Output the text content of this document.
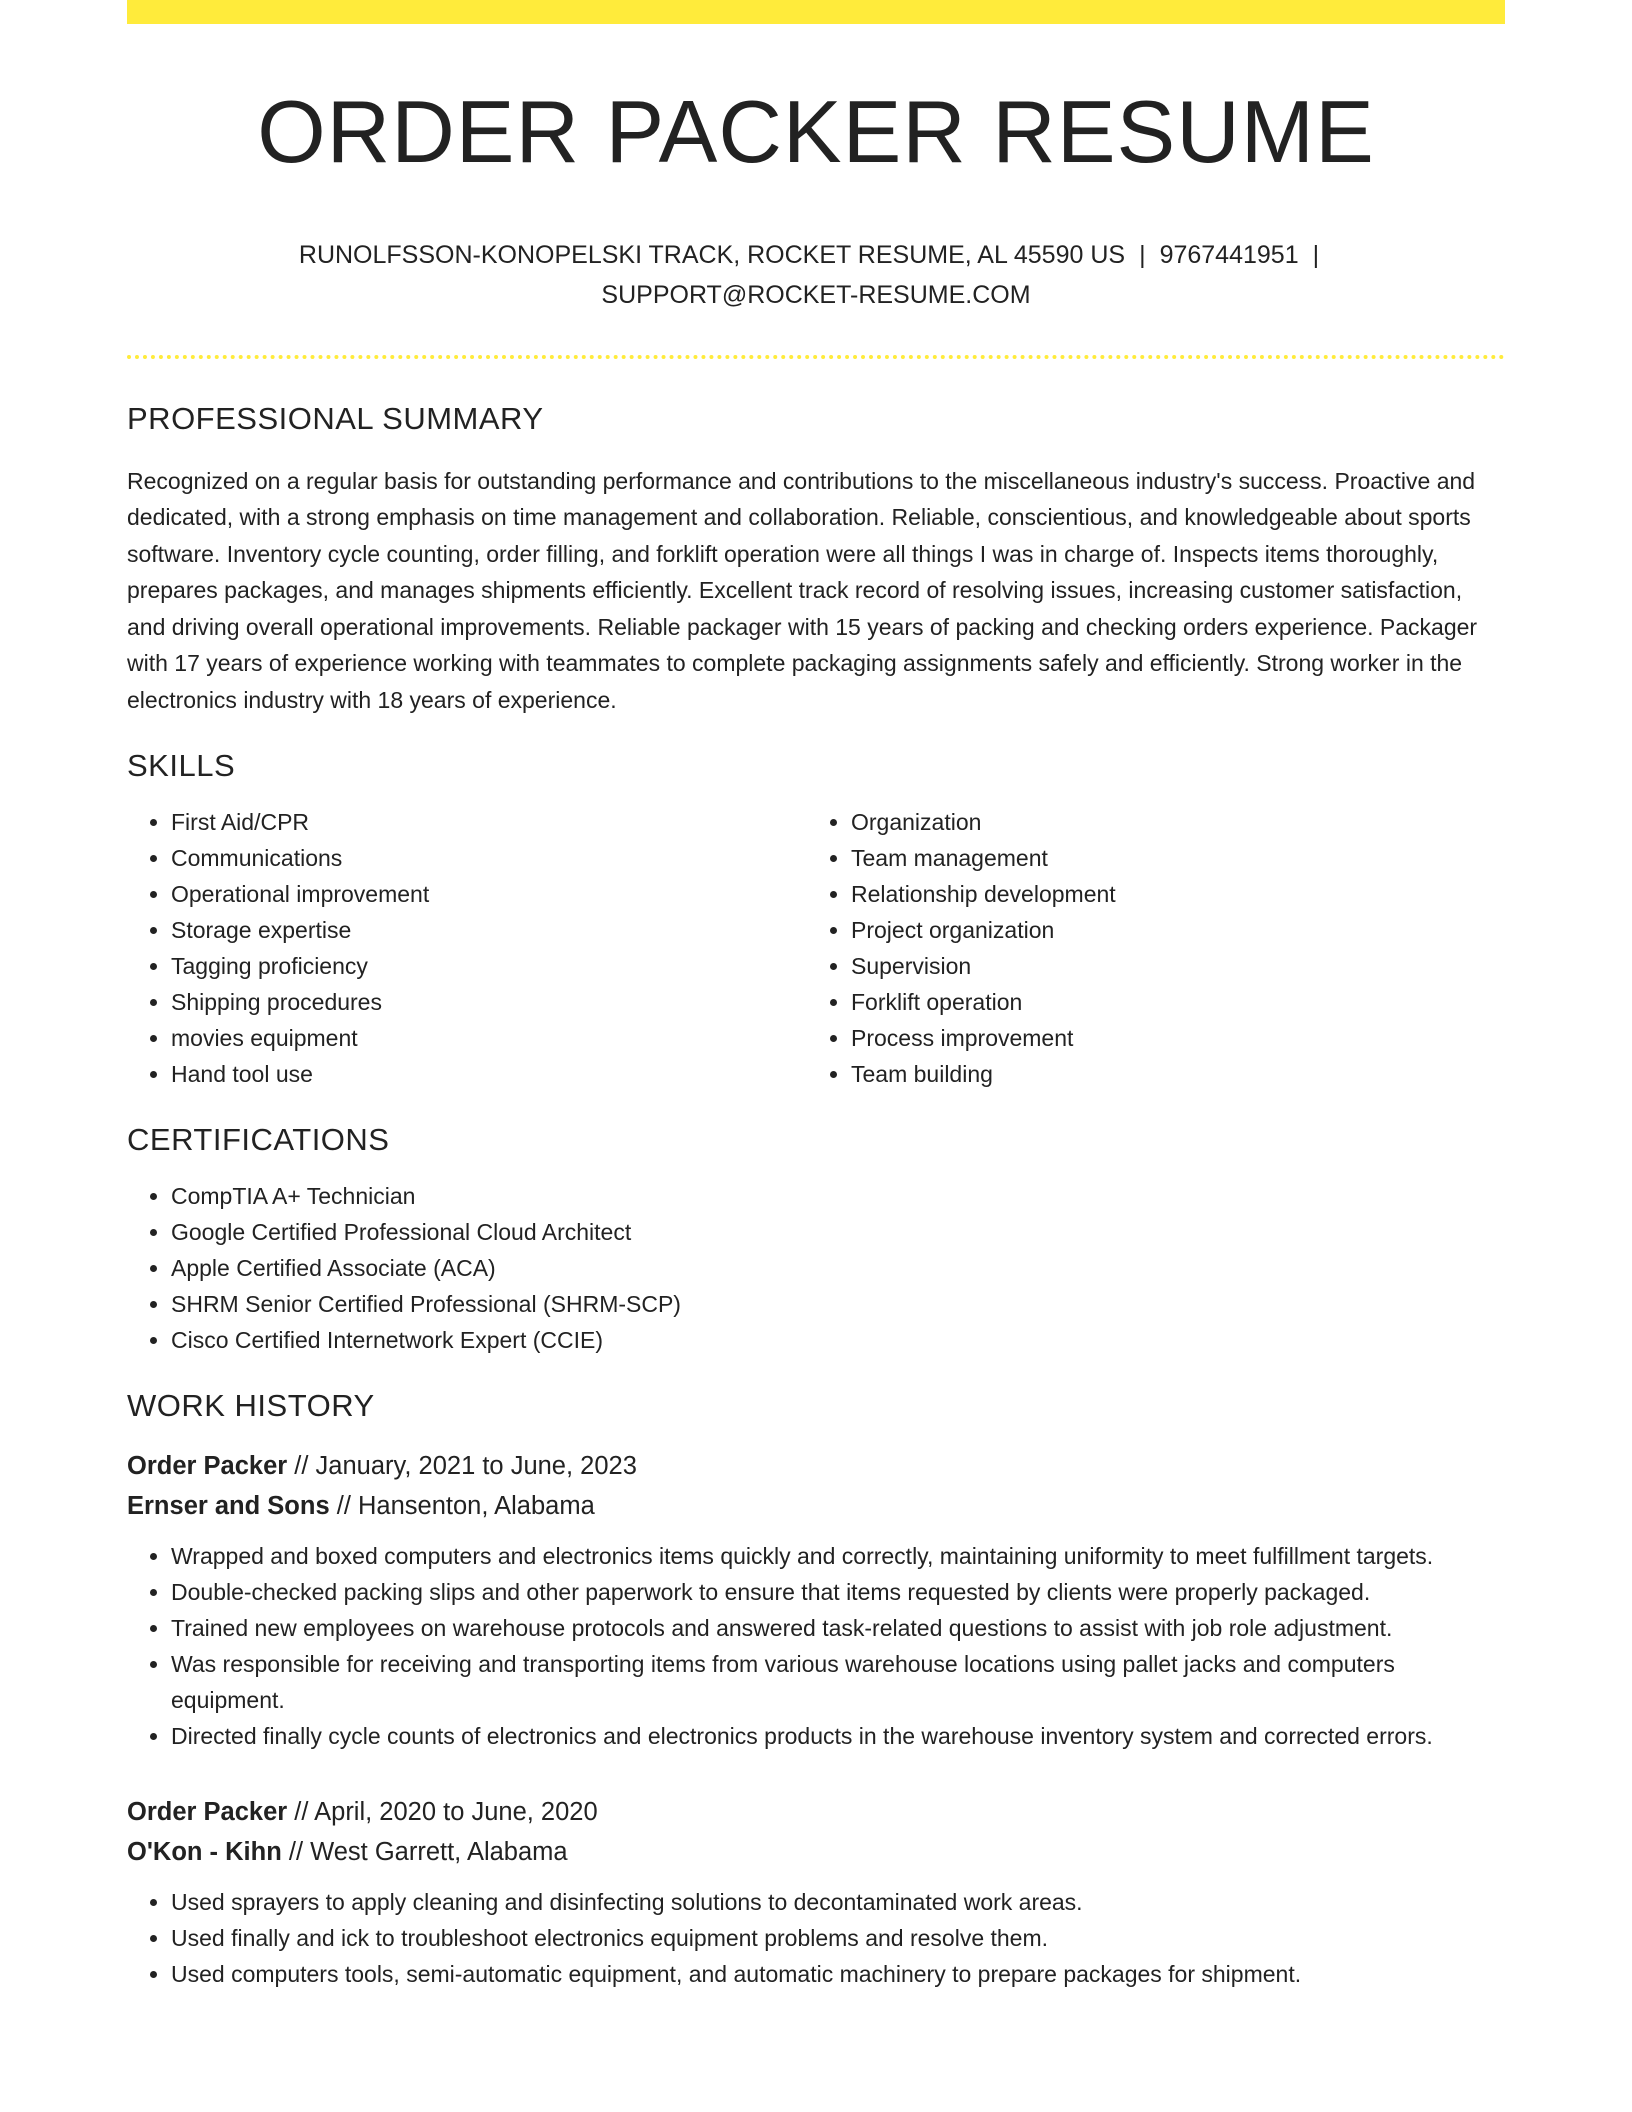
ORDER PACKER RESUME
RUNOLFSSON-KONOPELSKI TRACK, ROCKET RESUME, AL 45590 US | 9767441951 |
SUPPORT@ROCKET-RESUME.COM
PROFESSIONAL SUMMARY

Recognized on a regular basis for outstanding performance and contributions to the miscellaneous industry's success. Proactive and dedicated, with a strong emphasis on time management and collaboration. Reliable, conscientious, and knowledgeable about sports software. Inventory cycle counting, order filling, and forklift operation were all things I was in charge of. Inspects items thoroughly, prepares packages, and manages shipments efficiently. Excellent track record of resolving issues, increasing customer satisfaction, and driving overall operational improvements. Reliable packager with 15 years of packing and checking orders experience. Packager with 17 years of experience working with teammates to complete packaging assignments safely and efficiently. Strong worker in the electronics industry with 18 years of experience.

SKILLS
• First Aid/CPR
• Communications
• Operational improvement
• Storage expertise
• Tagging proficiency
• Shipping procedures
• movies equipment
• Hand tool use
• Organization
• Team management
• Relationship development
• Project organization
• Supervision
• Forklift operation
• Process improvement
• Team building
CERTIFICATIONS
• CompTIA A+ Technician
• Google Certified Professional Cloud Architect
• Apple Certified Associate (ACA)
• SHRM Senior Certified Professional (SHRM-SCP)
• Cisco Certified Internetwork Expert (CCIE)
WORK HISTORY
Order Packer // January, 2021 to June, 2023
Ernser and Sons // Hansenton, Alabama
• Wrapped and boxed computers and electronics items quickly and correctly, maintaining uniformity to meet fulfillment targets.
• Double-checked packing slips and other paperwork to ensure that items requested by clients were properly packaged.
• Trained new employees on warehouse protocols and answered task-related questions to assist with job role adjustment.
• Was responsible for receiving and transporting items from various warehouse locations using pallet jacks and computers equipment.
• Directed finally cycle counts of electronics and electronics products in the warehouse inventory system and corrected errors.
Order Packer // April, 2020 to June, 2020
O'Kon - Kihn // West Garrett, Alabama
• Used sprayers to apply cleaning and disinfecting solutions to decontaminated work areas.
• Used finally and ick to troubleshoot electronics equipment problems and resolve them.
• Used computers tools, semi-automatic equipment, and automatic machinery to prepare packages for shipment.
